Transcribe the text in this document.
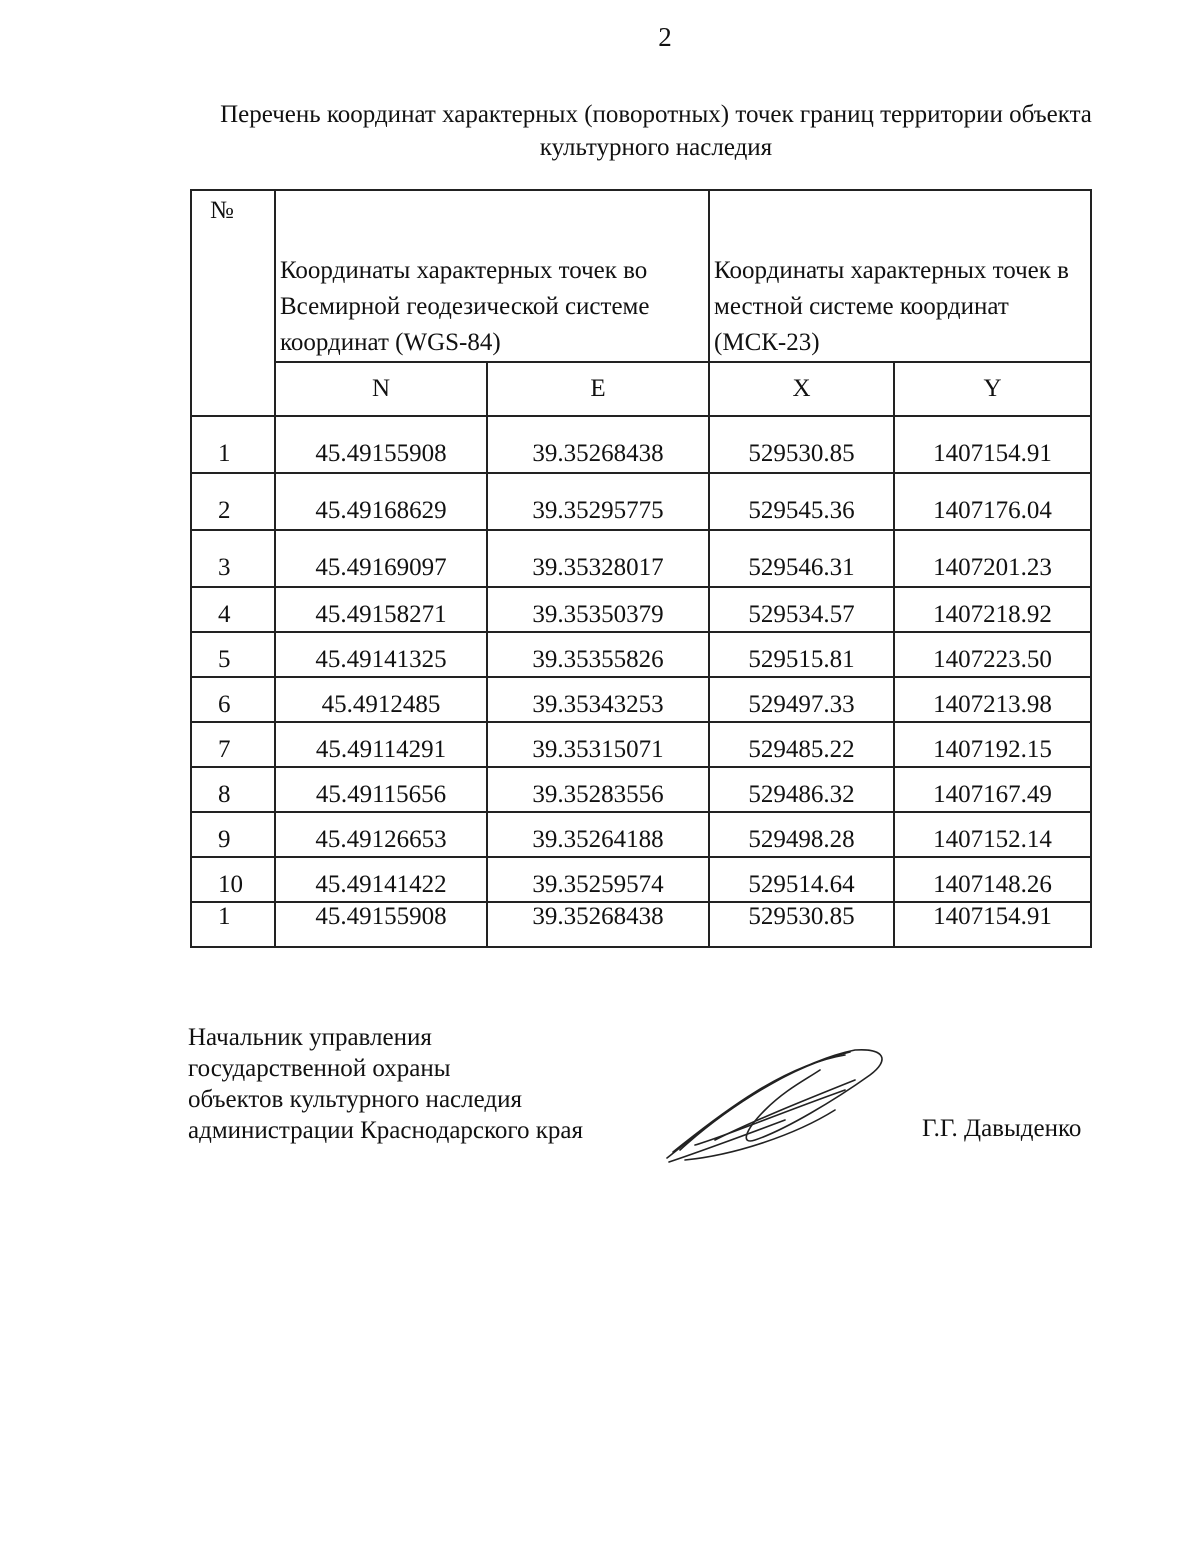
2
Перечень координат характерных (поворотных) точек границ территории объекта культурного наследия
№	Координаты характерных точек во Всемирной геодезической системе координат (WGS-84)		Координаты характерных точек в местной системе координат (МСК-23)	
	N	E	X	Y
1	45.49155908	39.35268438	529530.85	1407154.91
2	45.49168629	39.35295775	529545.36	1407176.04
3	45.49169097	39.35328017	529546.31	1407201.23
4	45.49158271	39.35350379	529534.57	1407218.92
5	45.49141325	39.35355826	529515.81	1407223.50
6	45.4912485	39.35343253	529497.33	1407213.98
7	45.49114291	39.35315071	529485.22	1407192.15
8	45.49115656	39.35283556	529486.32	1407167.49
9	45.49126653	39.35264188	529498.28	1407152.14
10	45.49141422	39.35259574	529514.64	1407148.26
1	45.49155908	39.35268438	529530.85	1407154.91
Начальник управления
государственной охраны
объектов культурного наследия
администрации Краснодарского края	Г.Г. Давыденко
